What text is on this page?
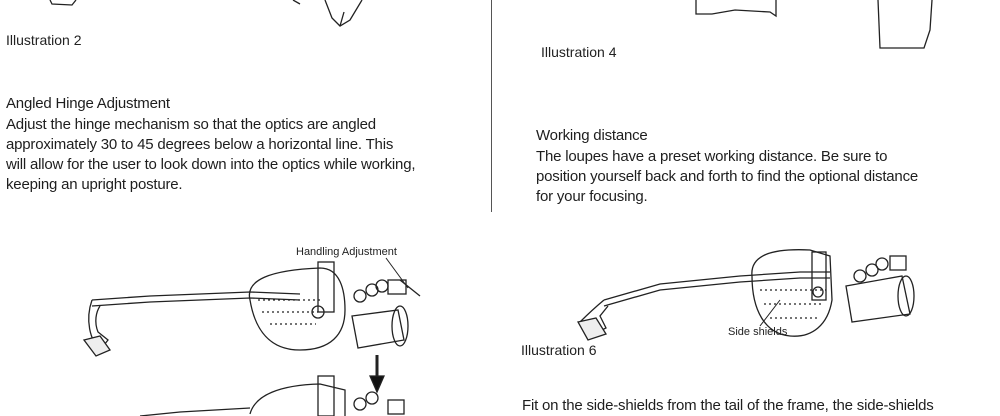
Illustration 2
Angled Hinge Adjustment
Adjust the hinge mechanism so that the optics are angled
approximately 30 to 45 degrees below a horizontal line. This
will allow for the user to look down into the optics while working,
keeping an upright posture.
Illustration 4
Working distance
The loupes have a preset working distance. Be sure to
position yourself back and forth to find the optional distance
for your focusing.
Handling Adjustment
Side shields
Illustration 6
Fit on the side-shields from the tail of the frame, the side-shields
